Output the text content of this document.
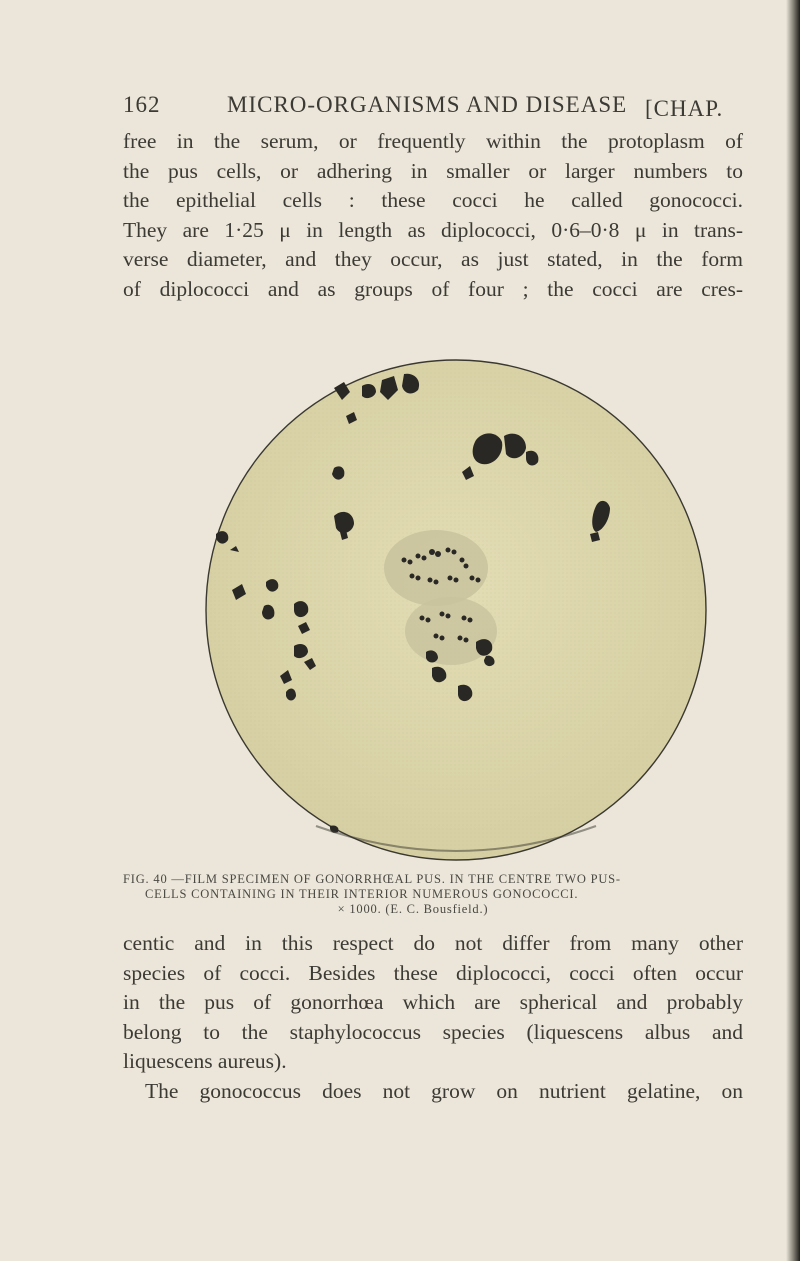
162	MICRO-ORGANISMS AND DISEASE [CHAP.
free in the serum, or frequently within the protoplasm of
the pus cells, or adhering in smaller or larger numbers to
the epithelial cells : these cocci he called gonococci.
They are 1·25 μ in length as diplococci, 0·6–0·8 μ in trans-
verse diameter, and they occur, as just stated, in the form
of diplococci and as groups of four ; the cocci are cres-
FIG. 40 —FILM SPECIMEN OF GONORRHŒAL PUS. IN THE CENTRE TWO PUS-
CELLS CONTAINING IN THEIR INTERIOR NUMEROUS GONOCOCCI.
× 1000. (E. C. Bousfield.)
centic and in this respect do not differ from many other
species of cocci. Besides these diplococci, cocci often occur
in the pus of gonorrhœa which are spherical and probably
belong to the staphylococcus species (liquescens albus and
liquescens aureus).
The gonococcus does not grow on nutrient gelatine, on
